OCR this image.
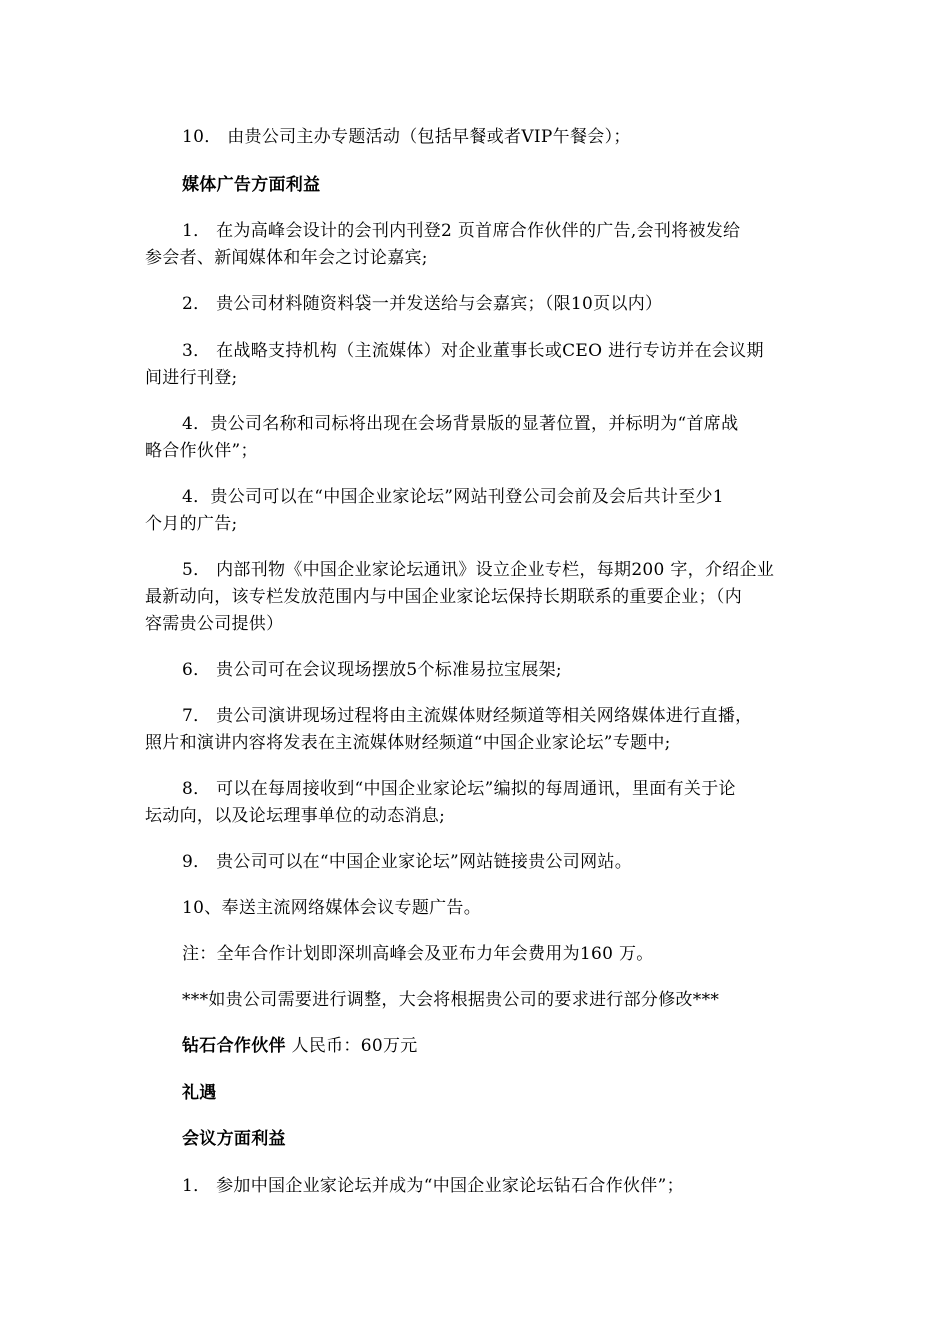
10． 由贵公司主办专题活动（包括早餐或者VIP午餐会）；
媒体广告方面利益
1． 在为高峰会设计的会刊内刊登2 页首席合作伙伴的广告,会刊将被发给
参会者、新闻媒体和年会之讨论嘉宾;
2． 贵公司材料随资料袋一并发送给与会嘉宾；（限10页以内）
3． 在战略支持机构（主流媒体）对企业董事长或CEO 进行专访并在会议期
间进行刊登;
4．贵公司名称和司标将出现在会场背景版的显著位置，并标明为“首席战
略合作伙伴”；
4．贵公司可以在“中国企业家论坛”网站刊登公司会前及会后共计至少1
个月的广告;
5． 内部刊物《中国企业家论坛通讯》设立企业专栏，每期200 字，介绍企业
最新动向，该专栏发放范围内与中国企业家论坛保持长期联系的重要企业；（内
容需贵公司提供）
6． 贵公司可在会议现场摆放5个标准易拉宝展架;
7． 贵公司演讲现场过程将由主流媒体财经频道等相关网络媒体进行直播，
照片和演讲内容将发表在主流媒体财经频道“中国企业家论坛”专题中;
8． 可以在每周接收到“中国企业家论坛”编拟的每周通讯，里面有关于论
坛动向，以及论坛理事单位的动态消息;
9． 贵公司可以在“中国企业家论坛”网站链接贵公司网站。
10、奉送主流网络媒体会议专题广告。
注：全年合作计划即深圳高峰会及亚布力年会费用为160 万。
***如贵公司需要进行调整，大会将根据贵公司的要求进行部分修改***
钻石合作伙伴 人民币：60万元
礼遇
会议方面利益
1． 参加中国企业家论坛并成为“中国企业家论坛钻石合作伙伴”；
